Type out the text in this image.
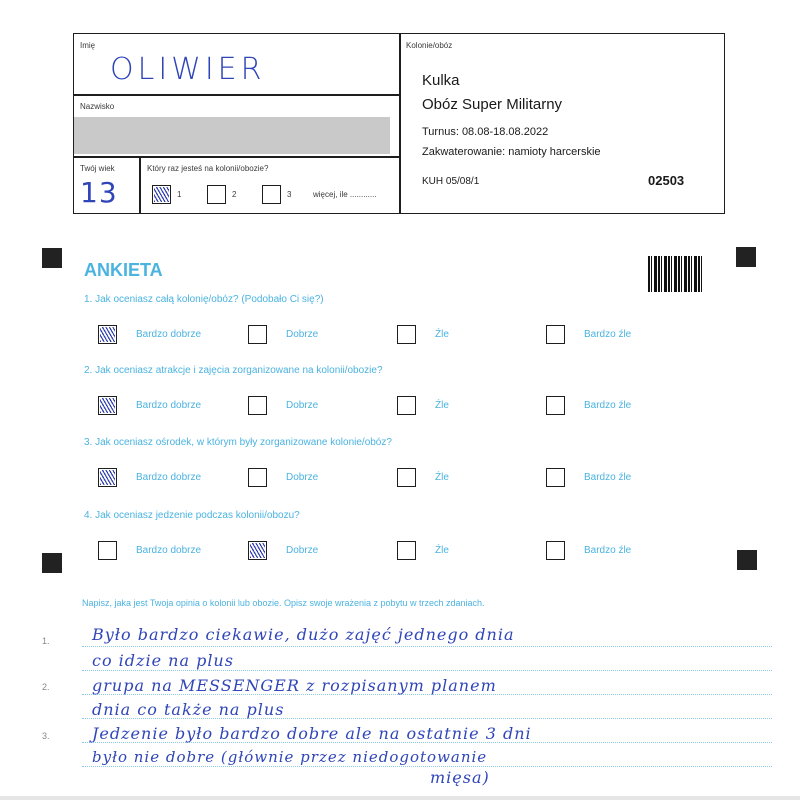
Imię
OLIWIER
Nazwisko
Twój wiek
13
Który raz jesteś na kolonii/obozie?
1	2	3	więcej, ile ............
Kolonie/obóz
Kulka
Obóz Super Militarny
Turnus: 08.08-18.08.2022
Zakwaterowanie: namioty harcerskie
KUH 05/08/1	02503
ANKIETA
1. Jak oceniasz całą kolonię/obóz? (Podobało Ci się?)
Bardzo dobrze	Dobrze	Źle	Bardzo źle
2. Jak oceniasz atrakcje i zajęcia zorganizowane na kolonii/obozie?
Bardzo dobrze	Dobrze	Źle	Bardzo źle
3. Jak oceniasz ośrodek, w którym były zorganizowane kolonie/obóz?
Bardzo dobrze	Dobrze	Źle	Bardzo źle
4. Jak oceniasz jedzenie podczas kolonii/obozu?
Bardzo dobrze	Dobrze	Źle	Bardzo źle
Napisz, jaka jest Twoja opinia o kolonii lub obozie. Opisz swoje wrażenia z pobytu w trzech zdaniach.
1.
2.
3.
Było bardzo ciekawie, dużo zajęć jednego dnia
co idzie na plus
grupa na MESSENGER z rozpisanym planem
dnia co także na plus
Jedzenie było bardzo dobre ale na ostatnie 3 dni
było nie dobre (głównie przez niedogotowanie
mięsa)
